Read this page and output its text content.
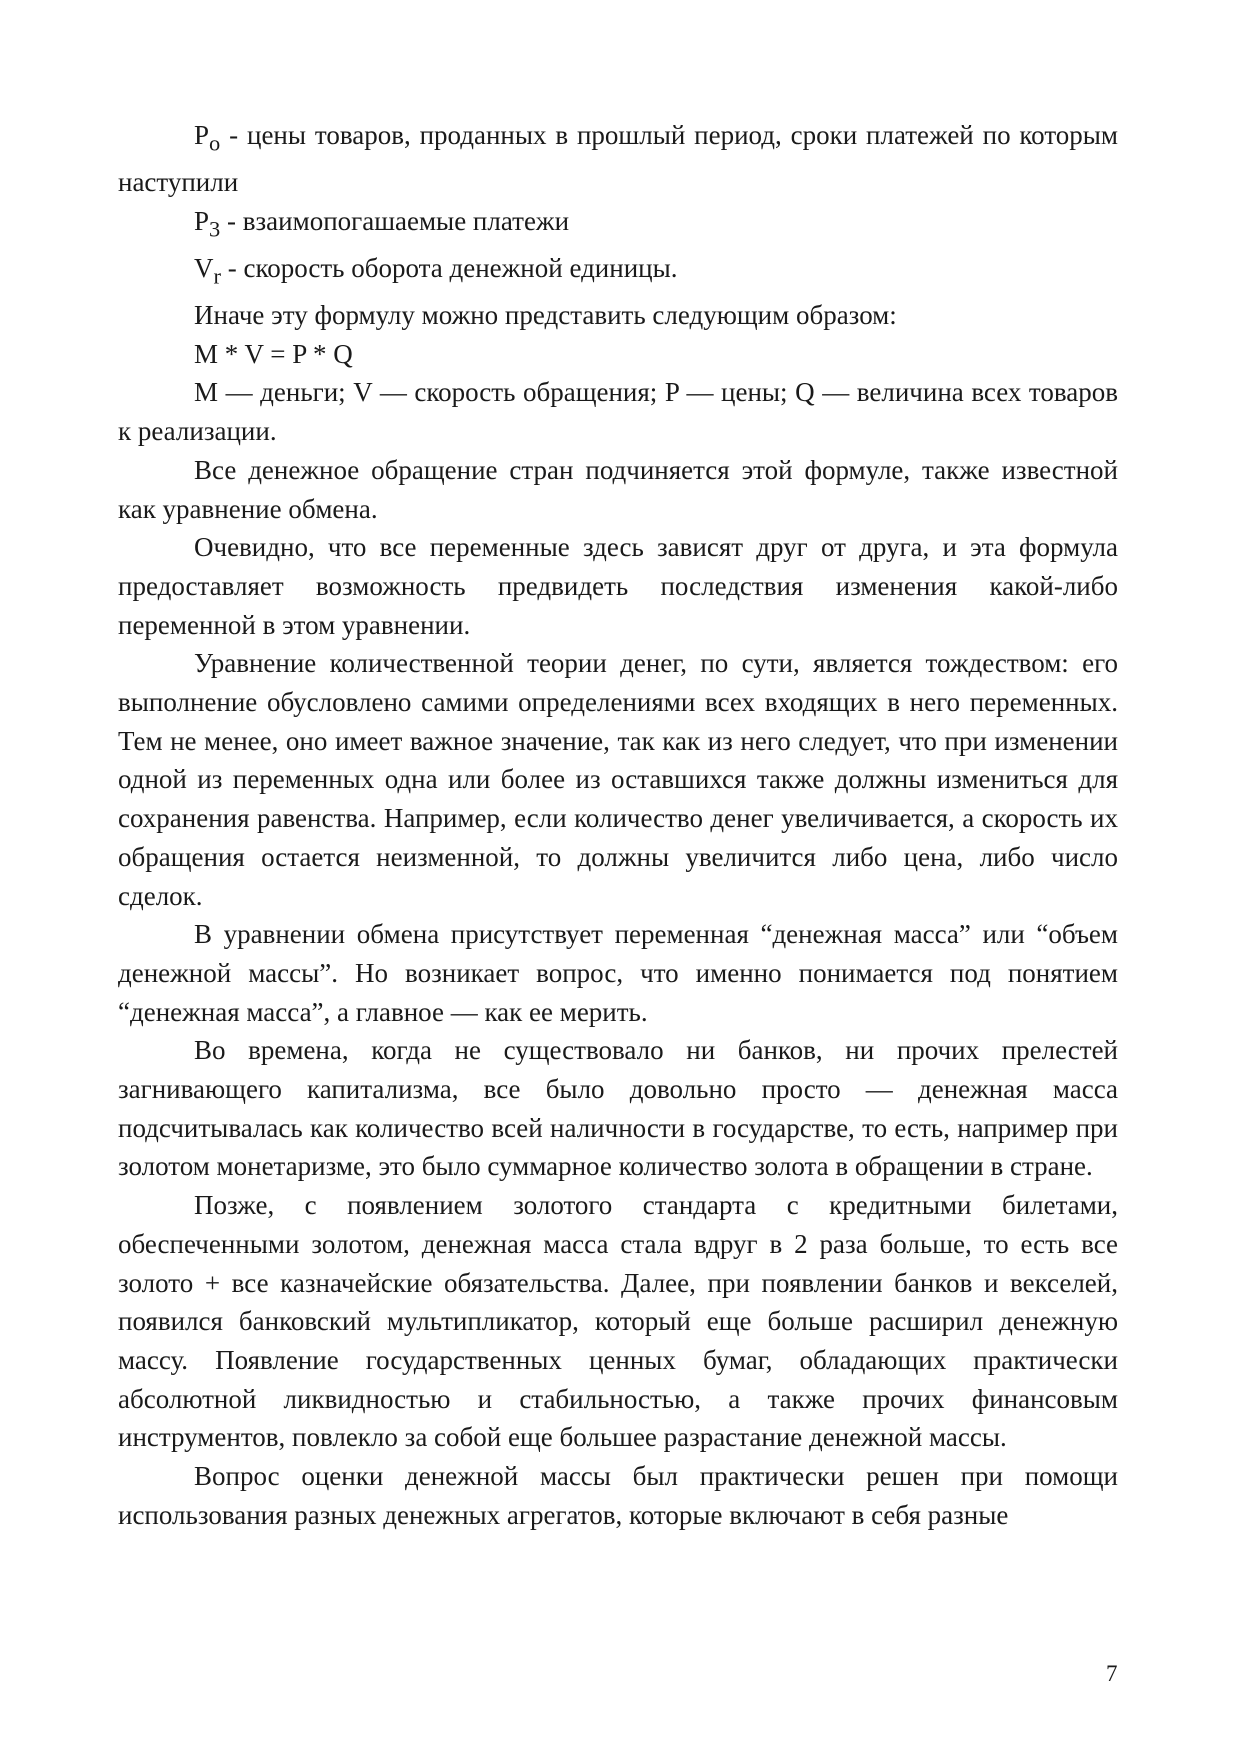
$P_o$ - цены товаров, проданных в прошлый период, сроки платежей по которым наступили

$P_3$ - взаимопогашаемые платежи

$V_r$ - скорость оборота денежной единицы.

Иначе эту формулу можно представить следующим образом:

M * V = P * Q

M — деньги; V — скорость обращения; P — цены; Q — величина всех товаров к реализации.

Все денежное обращение стран подчиняется этой формуле, также известной как уравнение обмена.

Очевидно, что все переменные здесь зависят друг от друга, и эта формула предоставляет возможность предвидеть последствия изменения какой-либо переменной в этом уравнении.

Уравнение количественной теории денег, по сути, является тождеством: его выполнение обусловлено самими определениями всех входящих в него переменных. Тем не менее, оно имеет важное значение, так как из него следует, что при изменении одной из переменных одна или более из оставшихся также должны измениться для сохранения равенства. Например, если количество денег увеличивается, а скорость их обращения остается неизменной, то должны увеличится либо цена, либо число сделок.

В уравнении обмена присутствует переменная “денежная масса” или “объем денежной массы”. Но возникает вопрос, что именно понимается под понятием “денежная масса”, а главное — как ее мерить.

Во времена, когда не существовало ни банков, ни прочих прелестей загнивающего капитализма, все было довольно просто — денежная масса подсчитывалась как количество всей наличности в государстве, то есть, например при золотом монетаризме, это было суммарное количество золота в обращении в стране.

Позже, с появлением золотого стандарта с кредитными билетами, обеспеченными золотом, денежная масса стала вдруг в 2 раза больше, то есть все золото + все казначейские обязательства. Далее, при появлении банков и векселей, появился банковский мультипликатор, который еще больше расширил денежную массу. Появление государственных ценных бумаг, обладающих практически абсолютной ликвидностью и стабильностью, а также прочих финансовым инструментов, повлекло за собой еще большее разрастание денежной массы.

Вопрос оценки денежной массы был практически решен при помощи использования разных денежных агрегатов, которые включают в себя разные

7
